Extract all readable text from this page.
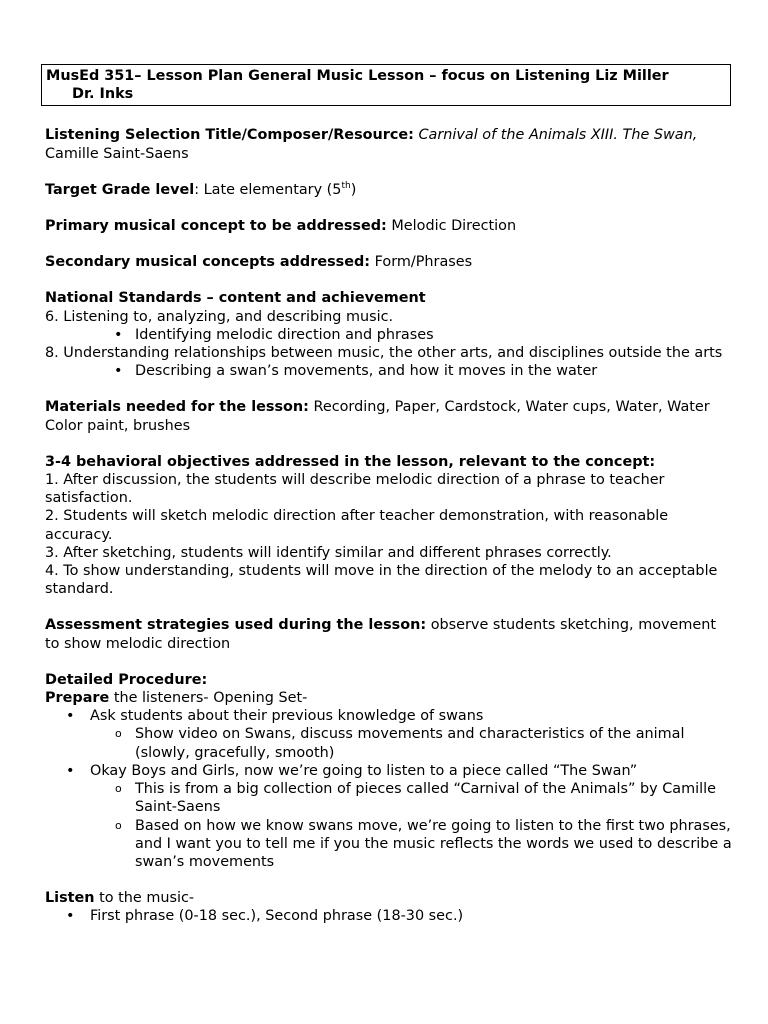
MusEd 351– Lesson Plan General Music Lesson – focus on Listening Liz Miller
Dr. Inks
Listening Selection Title/Composer/Resource: Carnival of the Animals XIII. The Swan, Camille Saint-Saens
Target Grade level: Late elementary (5th)
Primary musical concept to be addressed: Melodic Direction
Secondary musical concepts addressed: Form/Phrases
National Standards – content and achievement
6. Listening to, analyzing, and describing music.
• Identifying melodic direction and phrases
8. Understanding relationships between music, the other arts, and disciplines outside the arts
• Describing a swan’s movements, and how it moves in the water
Materials needed for the lesson: Recording, Paper, Cardstock, Water cups, Water, Water Color paint, brushes
3-4 behavioral objectives addressed in the lesson, relevant to the concept:
1. After discussion, the students will describe melodic direction of a phrase to teacher satisfaction.
2. Students will sketch melodic direction after teacher demonstration, with reasonable accuracy.
3. After sketching, students will identify similar and different phrases correctly.
4. To show understanding, students will move in the direction of the melody to an acceptable standard.
Assessment strategies used during the lesson: observe students sketching, movement to show melodic direction
Detailed Procedure:
Prepare the listeners- Opening Set-
• Ask students about their previous knowledge of swans
o Show video on Swans, discuss movements and characteristics of the animal (slowly, gracefully, smooth)
• Okay Boys and Girls, now we’re going to listen to a piece called “The Swan”
o This is from a big collection of pieces called “Carnival of the Animals” by Camille Saint-Saens
o Based on how we know swans move, we’re going to listen to the first two phrases, and I want you to tell me if you the music reflects the words we used to describe a swan’s movements
Listen to the music-
• First phrase (0-18 sec.), Second phrase (18-30 sec.)
